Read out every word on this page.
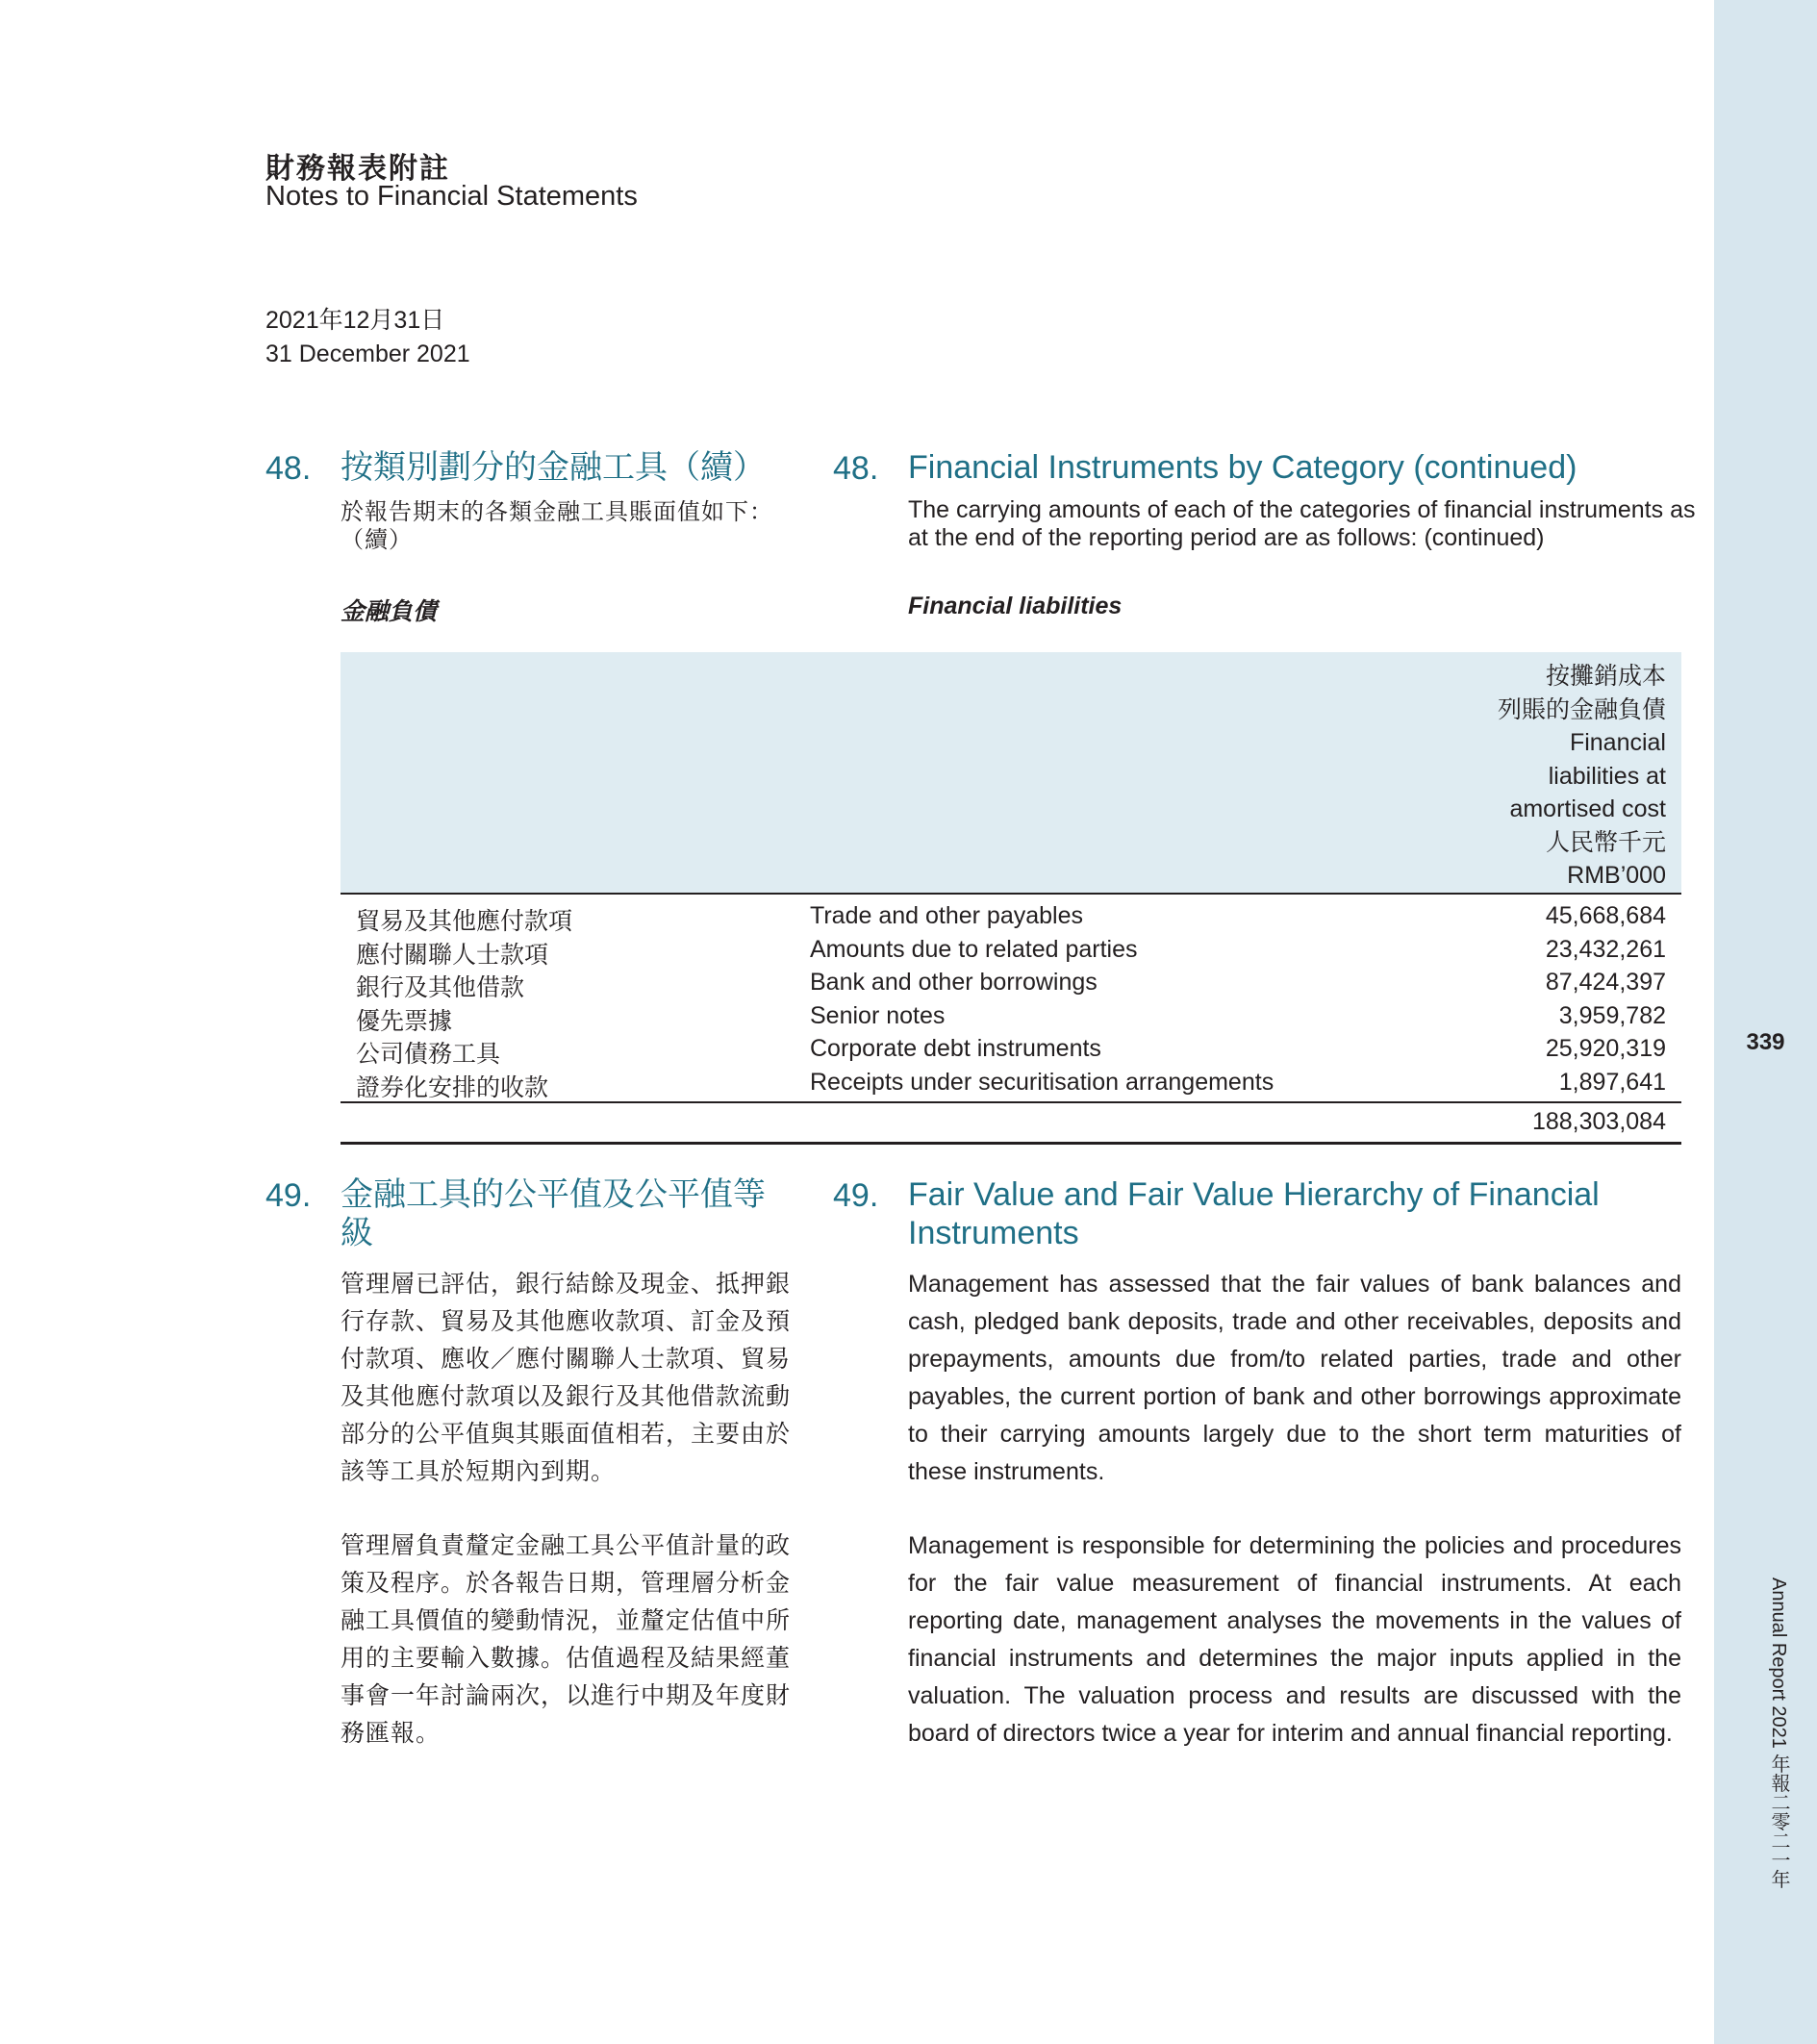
339
Annual Report 2021 年報二零二一年
財務報表附註
Notes to Financial Statements
2021年12月31日
31 December 2021
48. 按類別劃分的金融工具（續） 48. Financial Instruments by Category (continued)
於報告期末的各類金融工具賬面值如下：
（續）
The carrying amounts of each of the categories of financial instruments as
at the end of the reporting period are as follows: (continued)
金融負債	Financial liabilities
按攤銷成本
列賬的金融負債
Financial
liabilities at
amortised cost
人民幣千元
RMB’000
貿易及其他應付款項	Trade and other payables	45,668,684
應付關聯人士款項	Amounts due to related parties	23,432,261
銀行及其他借款	Bank and other borrowings	87,424,397
優先票據	Senior notes	3,959,782
公司債務工具	Corporate debt instruments	25,920,319
證券化安排的收款	Receipts under securitisation arrangements	1,897,641
188,303,084
49. 金融工具的公平值及公平值等
級
49. Fair Value and Fair Value Hierarchy of Financial
Instruments
管理層已評估，銀行結餘及現金、抵押銀
行存款、貿易及其他應收款項、訂金及預
付款項、應收／應付關聯人士款項、貿易
及其他應付款項以及銀行及其他借款流動
部分的公平值與其賬面值相若，主要由於
該等工具於短期內到期。
Management has assessed that the fair values of bank balances and cash, pledged bank deposits, trade and other receivables, deposits and prepayments, amounts due from/to related parties, trade and other payables, the current portion of bank and other borrowings approximate to their carrying amounts largely due to the short term maturities of these instruments.
管理層負責釐定金融工具公平值計量的政
策及程序。於各報告日期，管理層分析金
融工具價值的變動情況，並釐定估值中所
用的主要輸入數據。估值過程及結果經董
事會一年討論兩次，以進行中期及年度財
務匯報。
Management is responsible for determining the policies and procedures for the fair value measurement of financial instruments. At each reporting date, management analyses the movements in the values of financial instruments and determines the major inputs applied in the valuation. The valuation process and results are discussed with the board of directors twice a year for interim and annual financial reporting.
